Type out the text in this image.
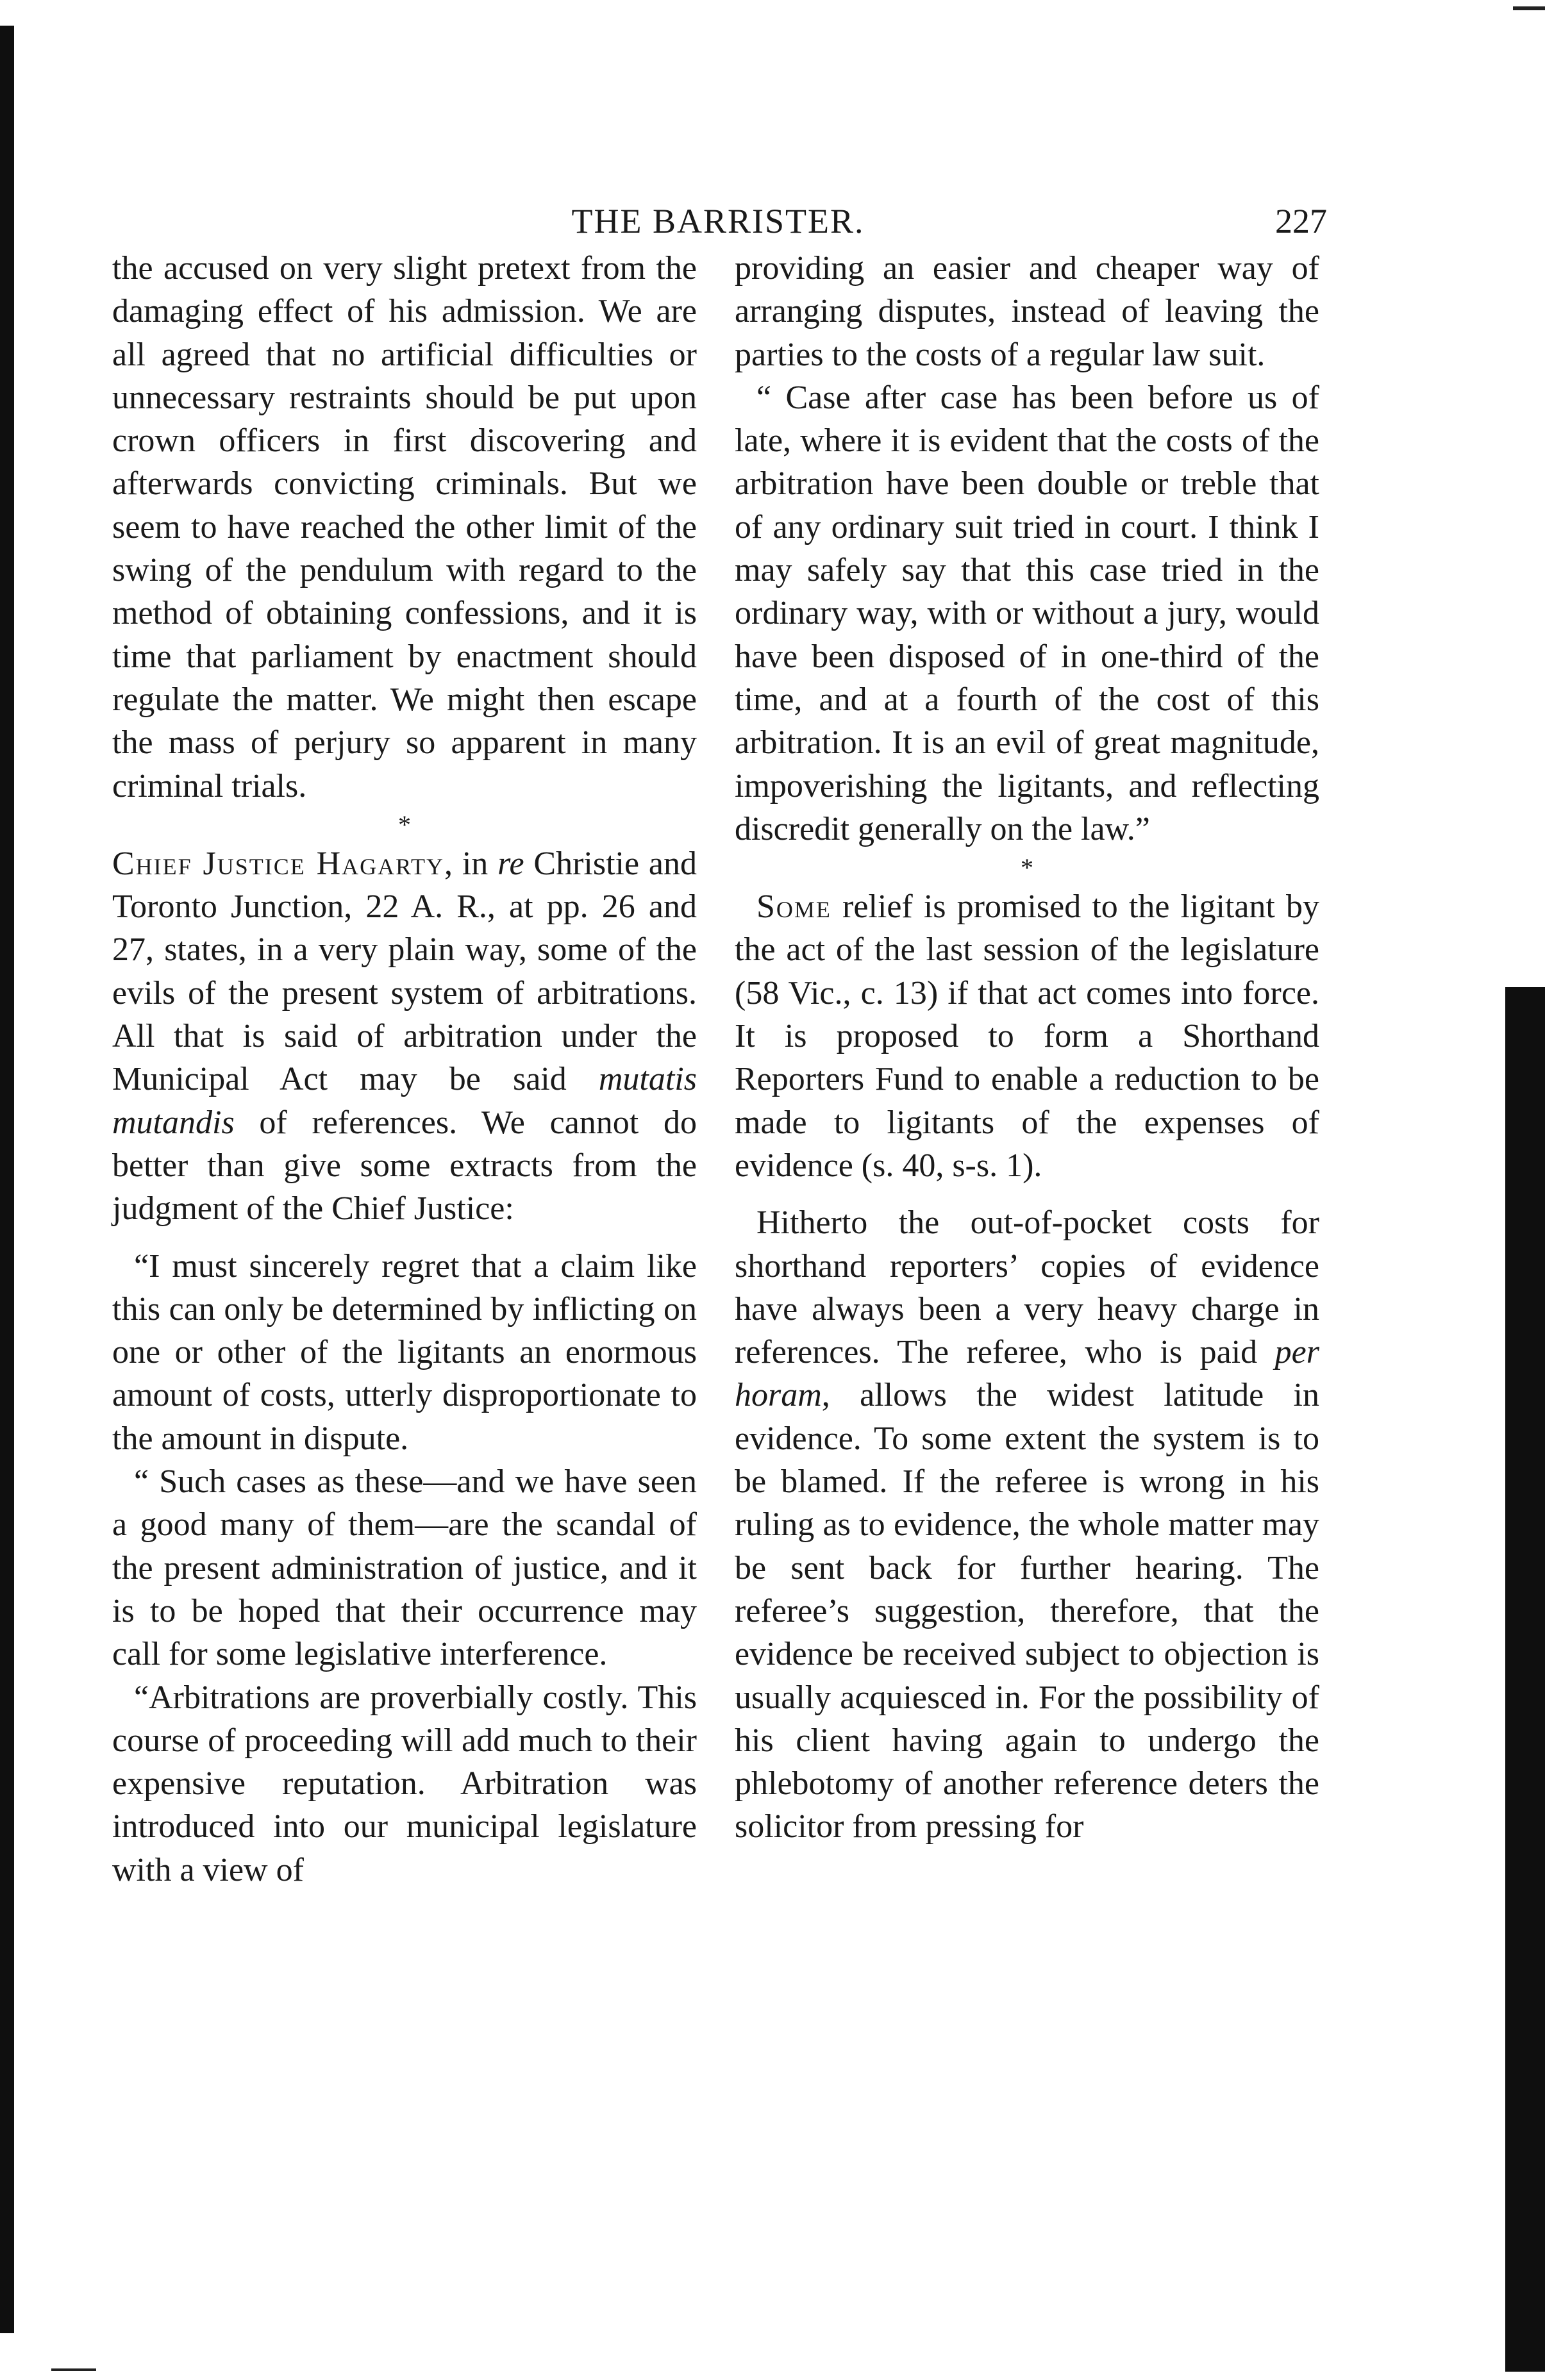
THE BARRISTER.	227

the accused on very slight pretext from the damaging effect of his admission. We are all agreed that no artificial difficulties or unnecessary restraints should be put upon crown officers in first discovering and afterwards convicting criminals. But we seem to have reached the other limit of the swing of the pendulum with regard to the method of obtaining confessions, and it is time that parliament by enactment should regulate the matter. We might then escape the mass of perjury so apparent in many criminal trials.

*

Chief Justice Hagarty, in re Christie and Toronto Junction, 22 A. R., at pp. 26 and 27, states, in a very plain way, some of the evils of the present system of arbitrations. All that is said of arbitration under the Municipal Act may be said mutatis mutandis of references. We cannot do better than give some extracts from the judgment of the Chief Justice:

“I must sincerely regret that a claim like this can only be determined by inflicting on one or other of the ligitants an enormous amount of costs, utterly disproportionate to the amount in dispute.

“ Such cases as these—and we have seen a good many of them—are the scandal of the present administration of justice, and it is to be hoped that their occurrence may call for some legislative interference.

“Arbitrations are proverbially costly. This course of proceeding will add much to their expensive reputation. Arbitration was introduced into our municipal legislature with a view of

providing an easier and cheaper way of arranging disputes, instead of leaving the parties to the costs of a regular law suit.

“ Case after case has been before us of late, where it is evident that the costs of the arbitration have been double or treble that of any ordinary suit tried in court. I think I may safely say that this case tried in the ordinary way, with or without a jury, would have been disposed of in one-third of the time, and at a fourth of the cost of this arbitration. It is an evil of great magnitude, impoverishing the ligitants, and reflecting discredit generally on the law.”

*

Some relief is promised to the ligitant by the act of the last session of the legislature (58 Vic., c. 13) if that act comes into force. It is proposed to form a Shorthand Reporters Fund to enable a reduction to be made to ligitants of the expenses of evidence (s. 40, s-s. 1).

Hitherto the out-of-pocket costs for shorthand reporters’ copies of evidence have always been a very heavy charge in references. The referee, who is paid per horam, allows the widest latitude in evidence. To some extent the system is to be blamed. If the referee is wrong in his ruling as to evidence, the whole matter may be sent back for further hearing. The referee’s suggestion, therefore, that the evidence be received subject to objection is usually acquiesced in. For the possibility of his client having again to undergo the phlebotomy of another reference deters the solicitor from pressing for
